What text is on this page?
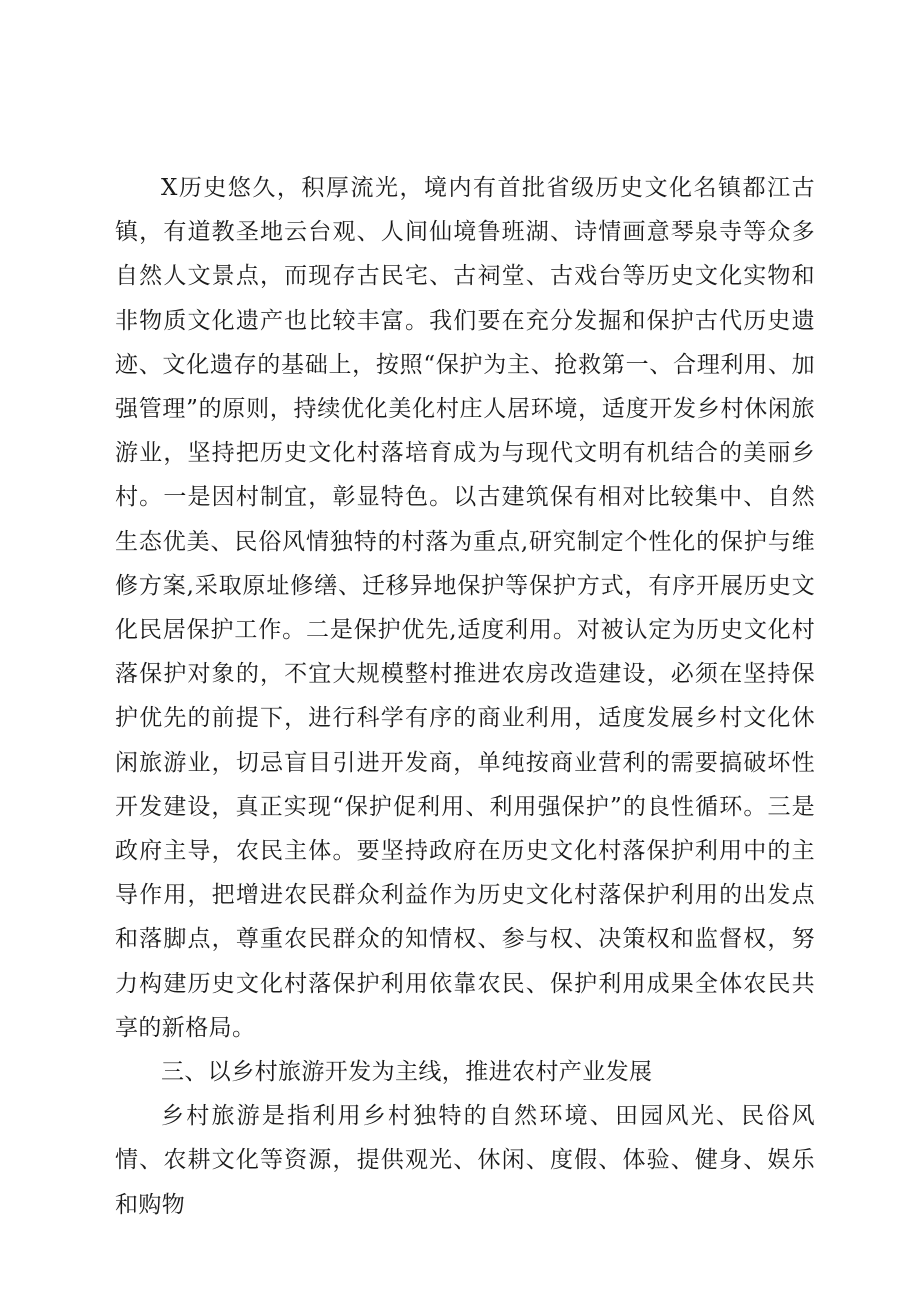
X历史悠久，积厚流光，境内有首批省级历史文化名镇都江古镇，有道教圣地云台观、人间仙境鲁班湖、诗情画意琴泉寺等众多自然人文景点，而现存古民宅、古祠堂、古戏台等历史文化实物和非物质文化遗产也比较丰富。我们要在充分发掘和保护古代历史遗迹、文化遗存的基础上，按照“保护为主、抢救第一、合理利用、加强管理”的原则，持续优化美化村庄人居环境，适度开发乡村休闲旅游业，坚持把历史文化村落培育成为与现代文明有机结合的美丽乡村。一是因村制宜，彰显特色。以古建筑保有相对比较集中、自然生态优美、民俗风情独特的村落为重点,研究制定个性化的保护与维修方案,采取原址修缮、迁移异地保护等保护方式，有序开展历史文化民居保护工作。二是保护优先,适度利用。对被认定为历史文化村落保护对象的，不宜大规模整村推进农房改造建设，必须在坚持保护优先的前提下，进行科学有序的商业利用，适度发展乡村文化休闲旅游业，切忌盲目引进开发商，单纯按商业营利的需要搞破坏性开发建设，真正实现“保护促利用、利用强保护”的良性循环。三是政府主导，农民主体。要坚持政府在历史文化村落保护利用中的主导作用，把增进农民群众利益作为历史文化村落保护利用的出发点和落脚点，尊重农民群众的知情权、参与权、决策权和监督权，努力构建历史文化村落保护利用依靠农民、保护利用成果全体农民共享的新格局。

三、以乡村旅游开发为主线，推进农村产业发展

乡村旅游是指利用乡村独特的自然环境、田园风光、民俗风情、农耕文化等资源，提供观光、休闲、度假、体验、健身、娱乐和购物
